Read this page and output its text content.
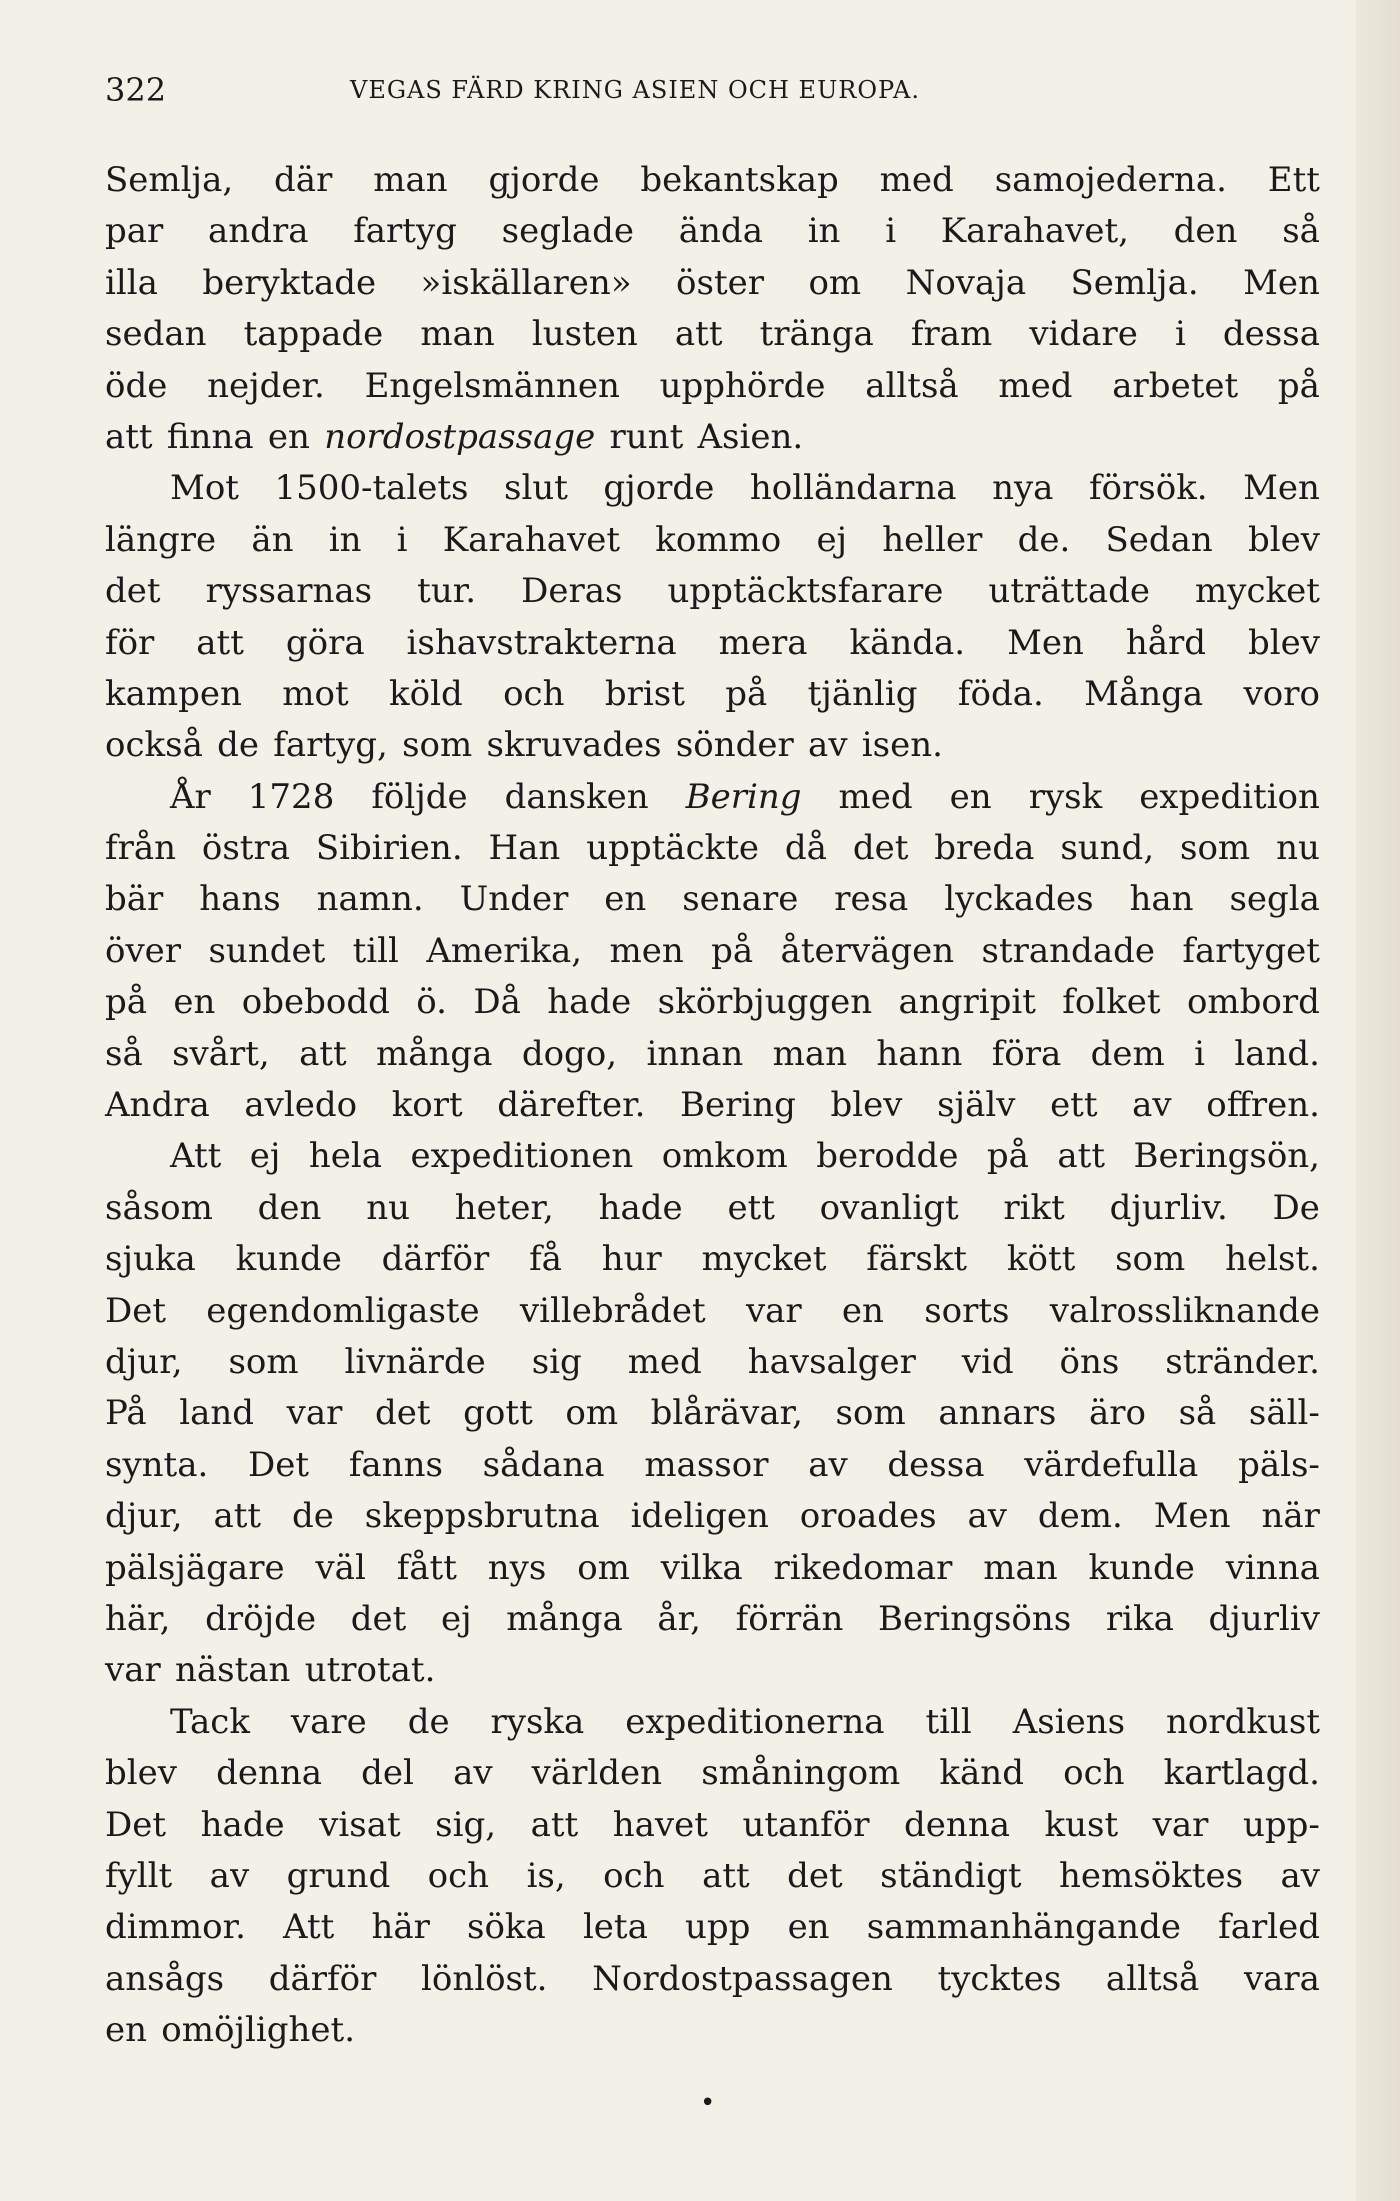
322	VEGAS FÄRD KRING ASIEN OCH EUROPA.
Semlja, där man gjorde bekantskap med samojederna. Ett
par andra fartyg seglade ända in i Karahavet, den så
illa beryktade »iskällaren» öster om Novaja Semlja. Men
sedan tappade man lusten att tränga fram vidare i dessa
öde nejder. Engelsmännen upphörde alltså med arbetet på
att finna en nordostpassage runt Asien.
Mot 1500-talets slut gjorde holländarna nya försök. Men
längre än in i Karahavet kommo ej heller de. Sedan blev
det ryssarnas tur. Deras upptäcktsfarare uträttade mycket
för att göra ishavstrakterna mera kända. Men hård blev
kampen mot köld och brist på tjänlig föda. Många voro
också de fartyg, som skruvades sönder av isen.
År 1728 följde dansken Bering med en rysk expedition
från östra Sibirien. Han upptäckte då det breda sund, som nu
bär hans namn. Under en senare resa lyckades han segla
över sundet till Amerika, men på återvägen strandade fartyget
på en obebodd ö. Då hade skörbjuggen angripit folket ombord
så svårt, att många dogo, innan man hann föra dem i land.
Andra avledo kort därefter. Bering blev själv ett av offren.
Att ej hela expeditionen omkom berodde på att Beringsön,
såsom den nu heter, hade ett ovanligt rikt djurliv. De
sjuka kunde därför få hur mycket färskt kött som helst.
Det egendomligaste villebrådet var en sorts valrossliknande
djur, som livnärde sig med havsalger vid öns stränder.
På land var det gott om blårävar, som annars äro så säll-
synta. Det fanns sådana massor av dessa värdefulla päls-
djur, att de skeppsbrutna ideligen oroades av dem. Men när
pälsjägare väl fått nys om vilka rikedomar man kunde vinna
här, dröjde det ej många år, förrän Beringsöns rika djurliv
var nästan utrotat.
Tack vare de ryska expeditionerna till Asiens nordkust
blev denna del av världen småningom känd och kartlagd.
Det hade visat sig, att havet utanför denna kust var upp-
fyllt av grund och is, och att det ständigt hemsöktes av
dimmor. Att här söka leta upp en sammanhängande farled
ansågs därför lönlöst. Nordostpassagen tycktes alltså vara
en omöjlighet.
•
